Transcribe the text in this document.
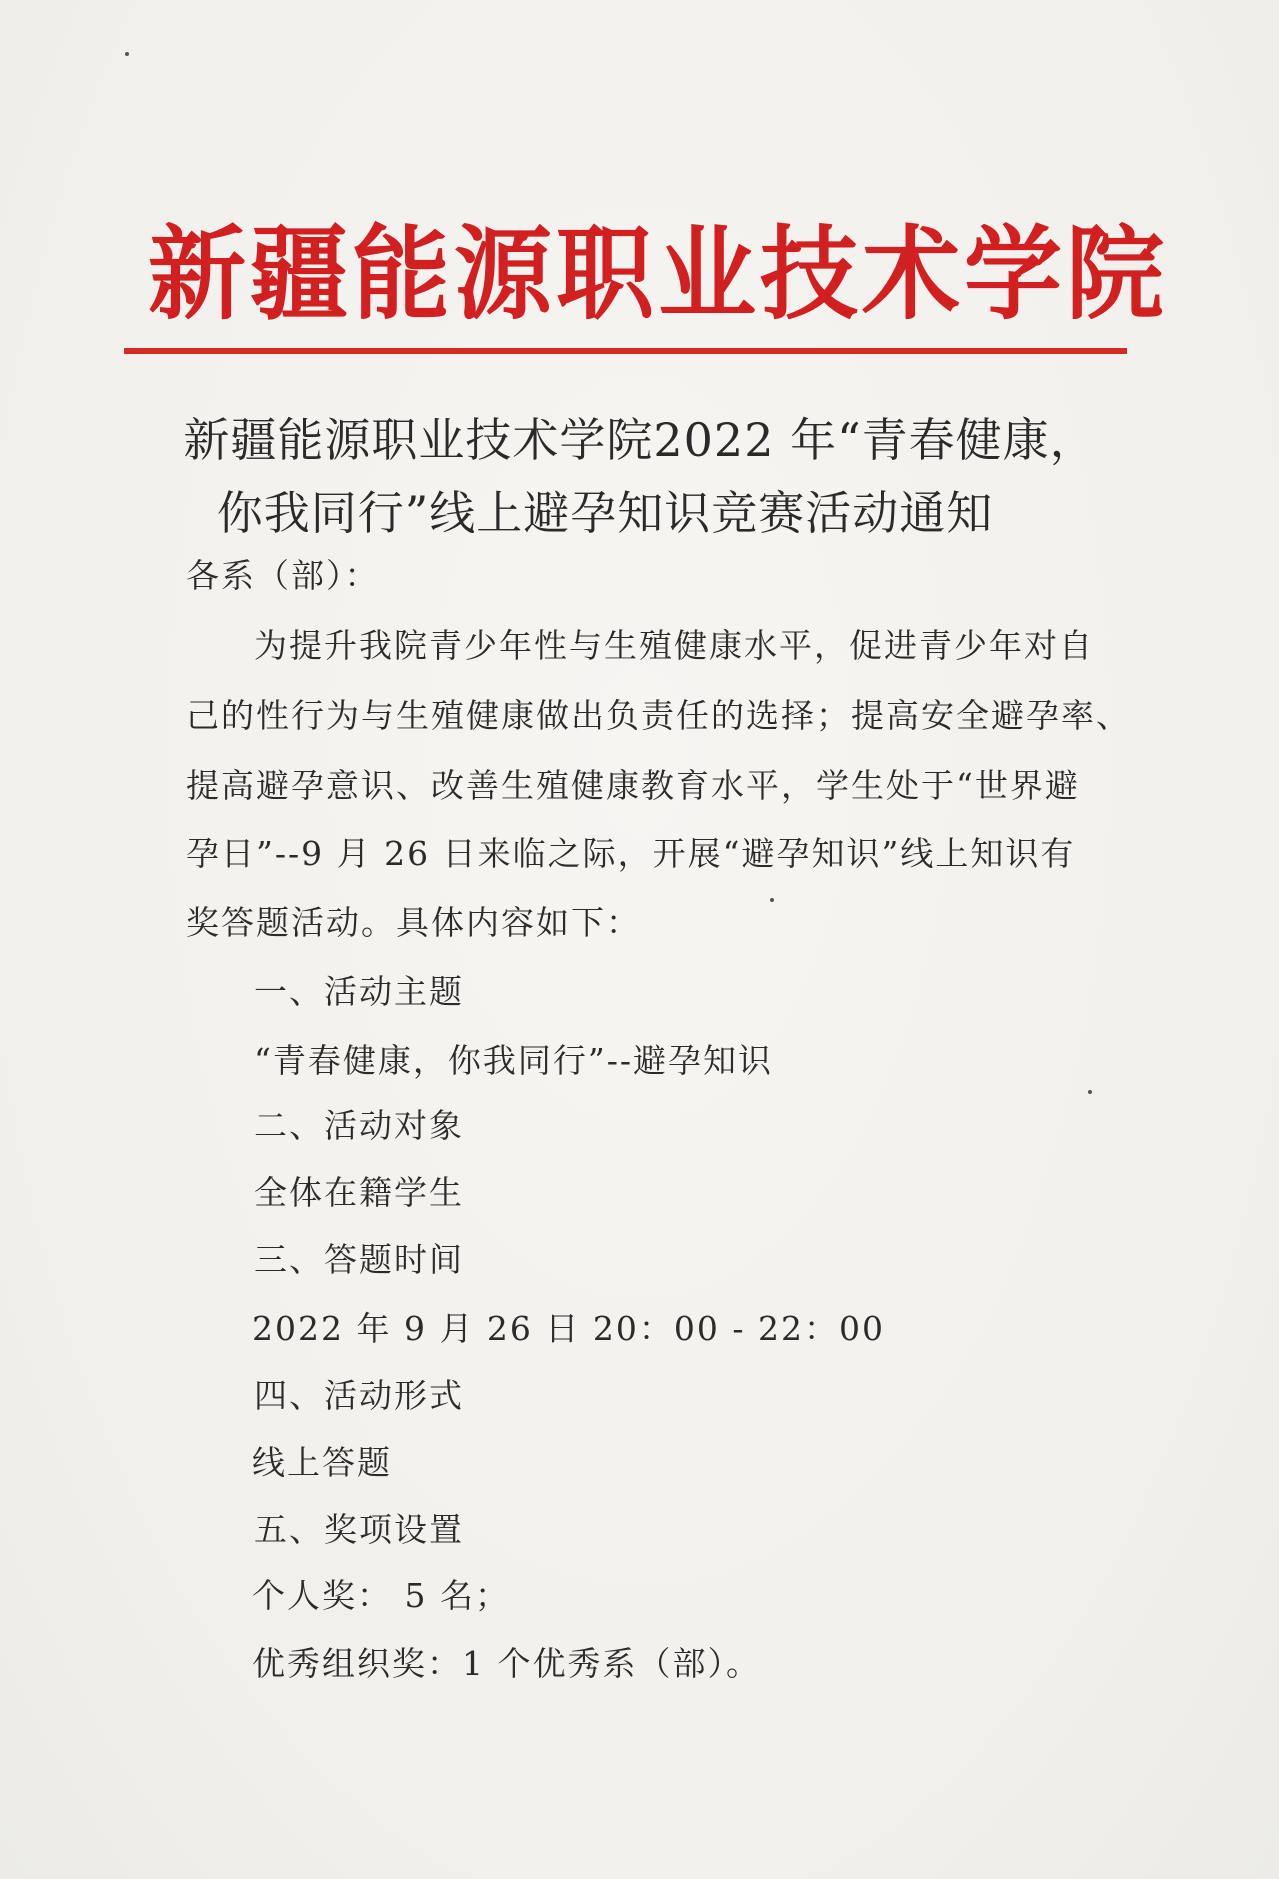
新疆能源职业技术学院
新疆能源职业技术学院2022 年“青春健康，
你我同行”线上避孕知识竞赛活动通知
各系（部）：
为提升我院青少年性与生殖健康水平，促进青少年对自
己的性行为与生殖健康做出负责任的选择；提高安全避孕率、
提高避孕意识、改善生殖健康教育水平，学生处于“世界避
孕日”--9 月 26 日来临之际，开展“避孕知识”线上知识有
奖答题活动。具体内容如下：
一、活动主题
“青春健康，你我同行”--避孕知识
二、活动对象
全体在籍学生
三、答题时间
2022 年 9 月 26 日 20：00 - 22：00
四、活动形式
线上答题
五、奖项设置
个人奖： 5 名；
优秀组织奖：1 个优秀系（部）。
